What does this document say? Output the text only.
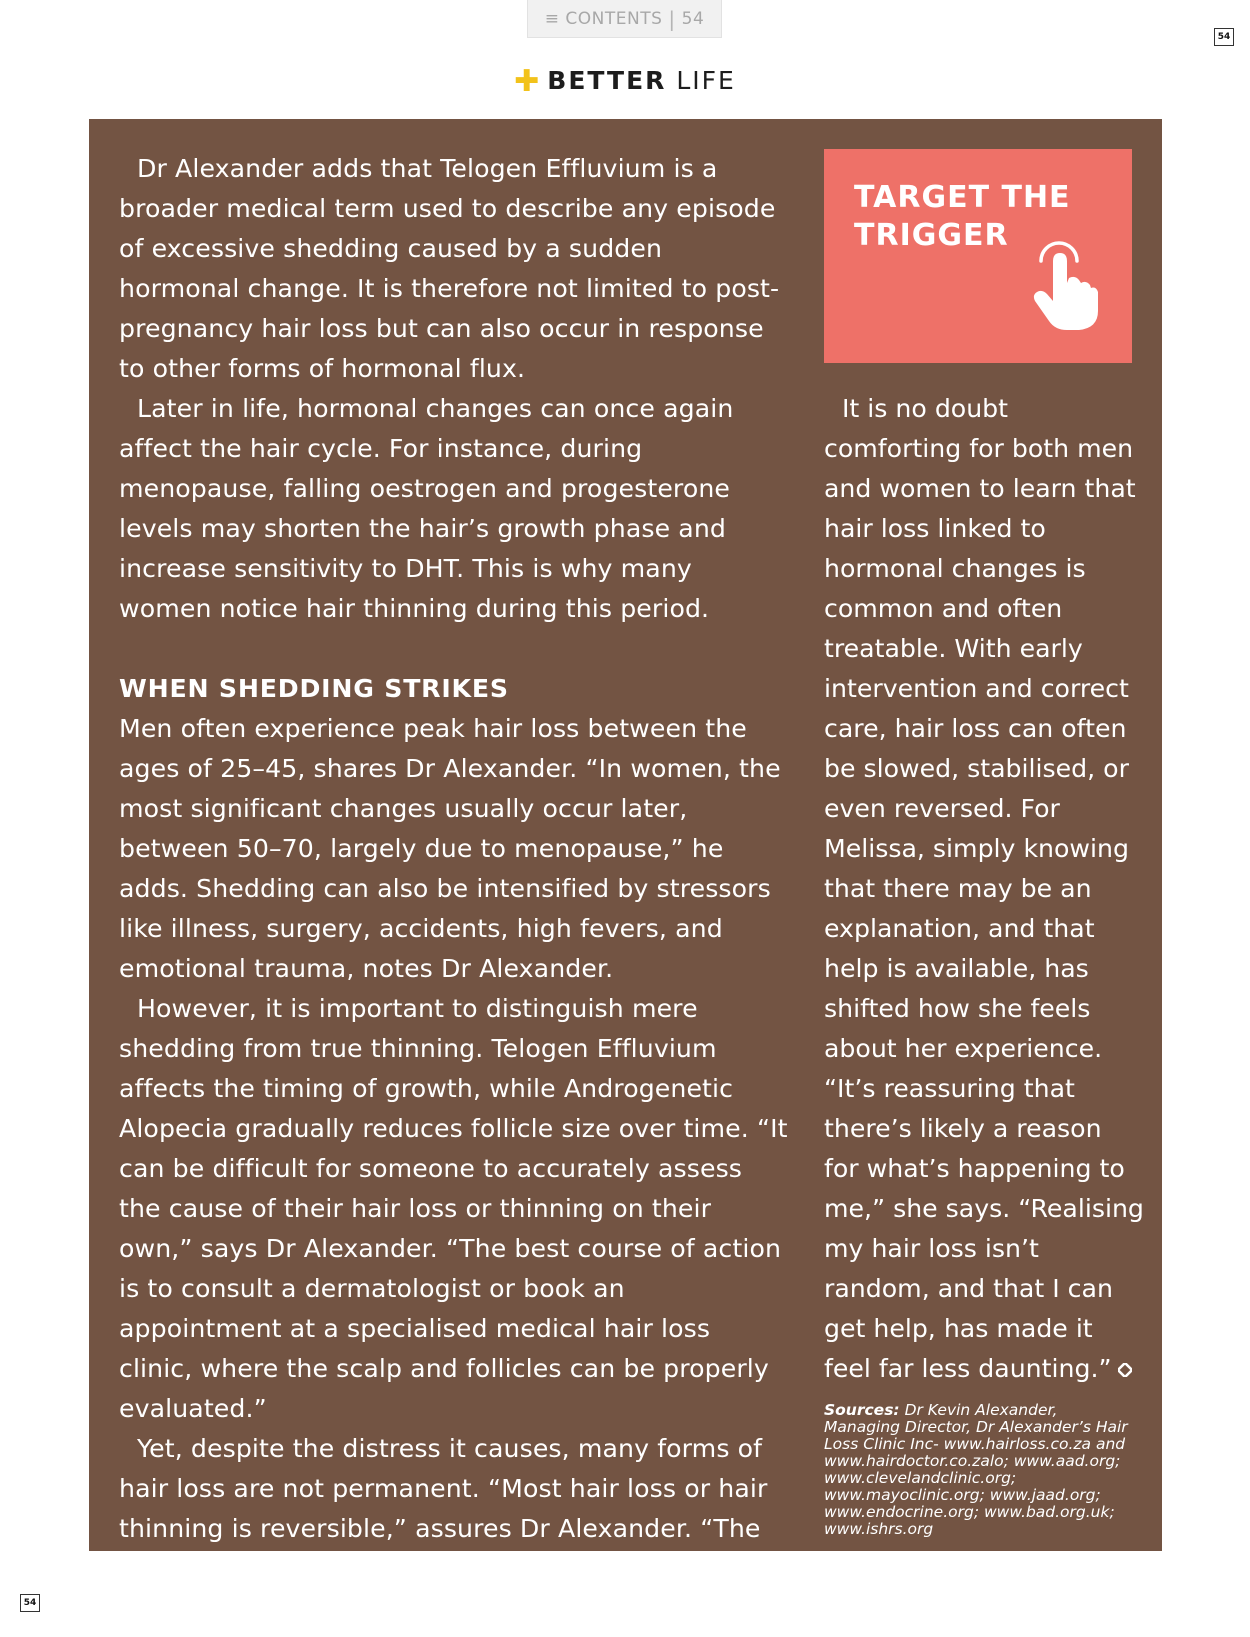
≡ CONTENTS | 54
54
✚ BETTER LIFE

Dr Alexander adds that Telogen Effluvium is a broader medical term used to describe any episode of excessive shedding caused by a sudden hormonal change. It is therefore not limited to post-pregnancy hair loss but can also occur in response to other forms of hormonal flux.

Later in life, hormonal changes can once again affect the hair cycle. For instance, during menopause, falling oestrogen and progesterone levels may shorten the hair’s growth phase and increase sensitivity to DHT. This is why many women notice hair thinning during this period.

WHEN SHEDDING STRIKES

Men often experience peak hair loss between the ages of 25–45, shares Dr Alexander. “In women, the most significant changes usually occur later, between 50–70, largely due to menopause,” he adds. Shedding can also be intensified by stressors like illness, surgery, accidents, high fevers, and emotional trauma, notes Dr Alexander.

However, it is important to distinguish mere shedding from true thinning. Telogen Effluvium affects the timing of growth, while Androgenetic Alopecia gradually reduces follicle size over time. “It can be difficult for someone to accurately assess the cause of their hair loss or thinning on their own,” says Dr Alexander. “The best course of action is to consult a dermatologist or book an appointment at a specialised medical hair loss clinic, where the scalp and follicles can be properly evaluated.”

Yet, despite the distress it causes, many forms of hair loss are not permanent. “Most hair loss or hair thinning is reversible,” assures Dr Alexander. “The earlier the problem is addressed, the greater the likelihood of effective treatment.”

TARGET THE
TRIGGER

It is no doubt comforting for both men and women to learn that hair loss linked to hormonal changes is common and often treatable. With early intervention and correct care, hair loss can often be slowed, stabilised, or even reversed. For Melissa, simply knowing that there may be an explanation, and that help is available, has shifted how she feels about her experience. “It’s reassuring that there’s likely a reason for what’s happening to me,” she says. “Realising my hair loss isn’t random, and that I can get help, has made it feel far less daunting.”

Sources: Dr Kevin Alexander, Managing Director, Dr Alexander’s Hair Loss Clinic Inc- www.hairloss.co.za and www.hairdoctor.co.zalo; www.aad.org; www.clevelandclinic.org; www.mayoclinic.org; www.jaad.org; www.endocrine.org; www.bad.org.uk; www.ishrs.org
54
